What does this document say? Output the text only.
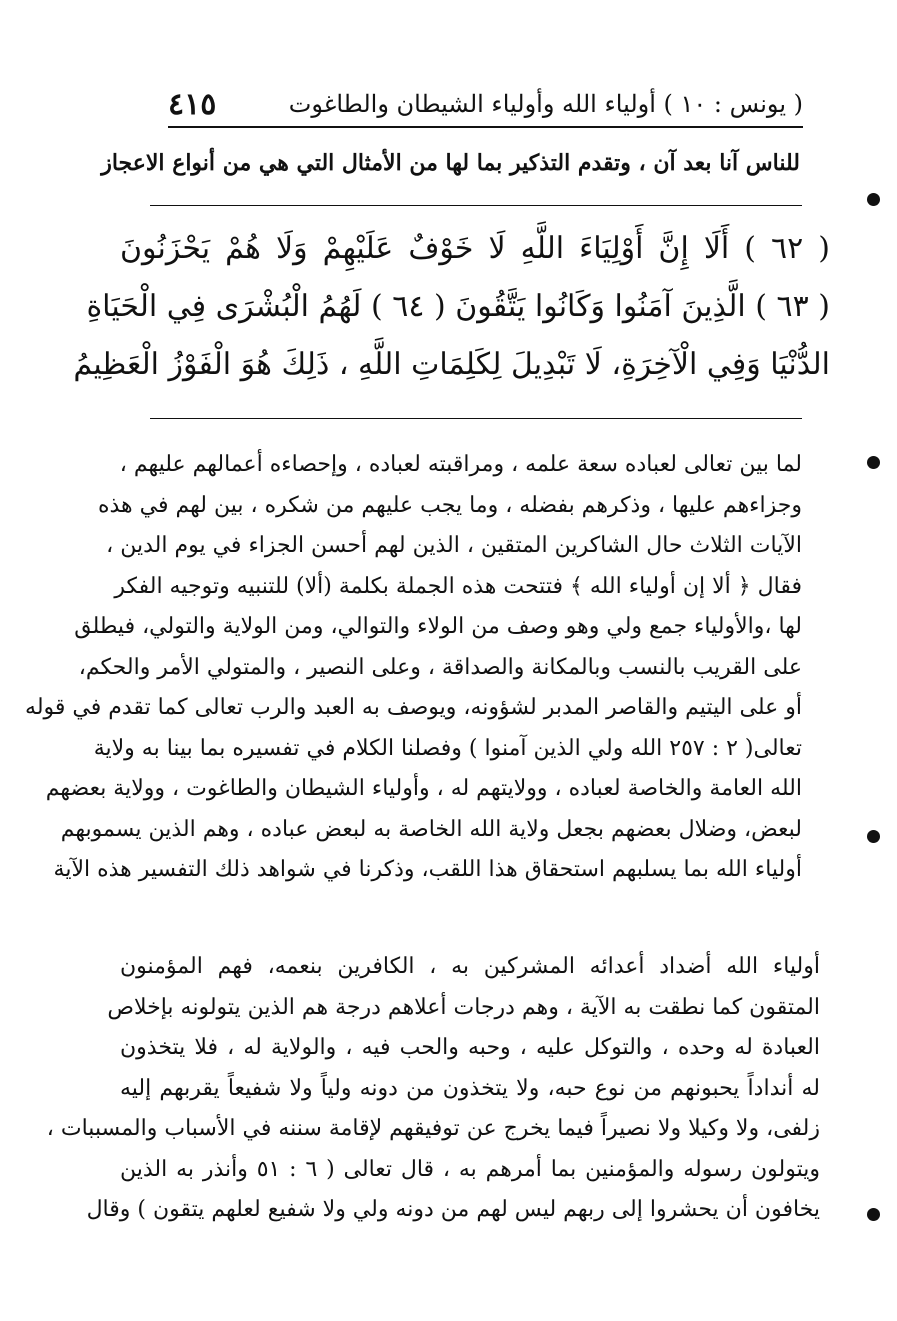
( يونس : ١٠ ) أولياء الله وأولياء الشيطان والطاغوت
٤١٥
للناس آنا بعد آن ، وتقدم التذكير بما لها من الأمثال التي هي من أنواع الاعجاز
( ٦٢ ) أَلَا إِنَّ أَوْلِيَاءَ اللَّهِ لَا خَوْفٌ عَلَيْهِمْ وَلَا هُمْ يَحْزَنُونَ
( ٦٣ ) الَّذِينَ آمَنُوا وَكَانُوا يَتَّقُونَ ( ٦٤ ) لَهُمُ الْبُشْرَى فِي الْحَيَاةِ
الدُّنْيَا وَفِي الْآخِرَةِ، لَا تَبْدِيلَ لِكَلِمَاتِ اللَّهِ ، ذَلِكَ هُوَ الْفَوْزُ الْعَظِيمُ
لما بين تعالى لعباده سعة علمه ، ومراقبته لعباده ، وإحصاءه أعمالهم عليهم ،
وجزاءهم عليها ، وذكرهم بفضله ، وما يجب عليهم من شكره ، بين لهم في هذه
الآيات الثلاث حال الشاكرين المتقين ، الذين لهم أحسن الجزاء في يوم الدين ،
فقال ﴿ ألا إن أولياء الله ﴾ فتتحت هذه الجملة بكلمة (ألا) للتنبيه وتوجيه الفكر
لها ،والأولياء جمع ولي وهو وصف من الولاء والتوالي، ومن الولاية والتولي، فيطلق
على القريب بالنسب وبالمكانة والصداقة ، وعلى النصير ، والمتولي الأمر والحكم،
أو على اليتيم والقاصر المدبر لشؤونه، ويوصف به العبد والرب تعالى كما تقدم في قوله
تعالى( ٢ : ٢٥٧ الله ولي الذين آمنوا ) وفصلنا الكلام في تفسيره بما بينا به ولاية
الله العامة والخاصة لعباده ، وولايتهم له ، وأولياء الشيطان والطاغوت ، وولاية بعضهم
لبعض، وضلال بعضهم بجعل ولاية الله الخاصة به لبعض عباده ، وهم الذين يسموبهم
أولياء الله بما يسلبهم استحقاق هذا اللقب، وذكرنا في شواهد ذلك التفسير هذه الآية
أولياء الله أضداد أعدائه المشركين به ، الكافرين بنعمه، فهم المؤمنون
المتقون كما نطقت به الآية ، وهم درجات أعلاهم درجة هم الذين يتولونه بإخلاص
العبادة له وحده ، والتوكل عليه ، وحبه والحب فيه ، والولاية له ، فلا يتخذون
له أنداداً يحبونهم من نوع حبه، ولا يتخذون من دونه ولياً ولا شفيعاً يقربهم إليه
زلفى، ولا وكيلا ولا نصيراً فيما يخرج عن توفيقهم لإقامة سننه في الأسباب والمسببات ،
ويتولون رسوله والمؤمنين بما أمرهم به ، قال تعالى ( ٦ : ٥١ وأنذر به الذين
يخافون أن يحشروا إلى ربهم ليس لهم من دونه ولي ولا شفيع لعلهم يتقون ) وقال
